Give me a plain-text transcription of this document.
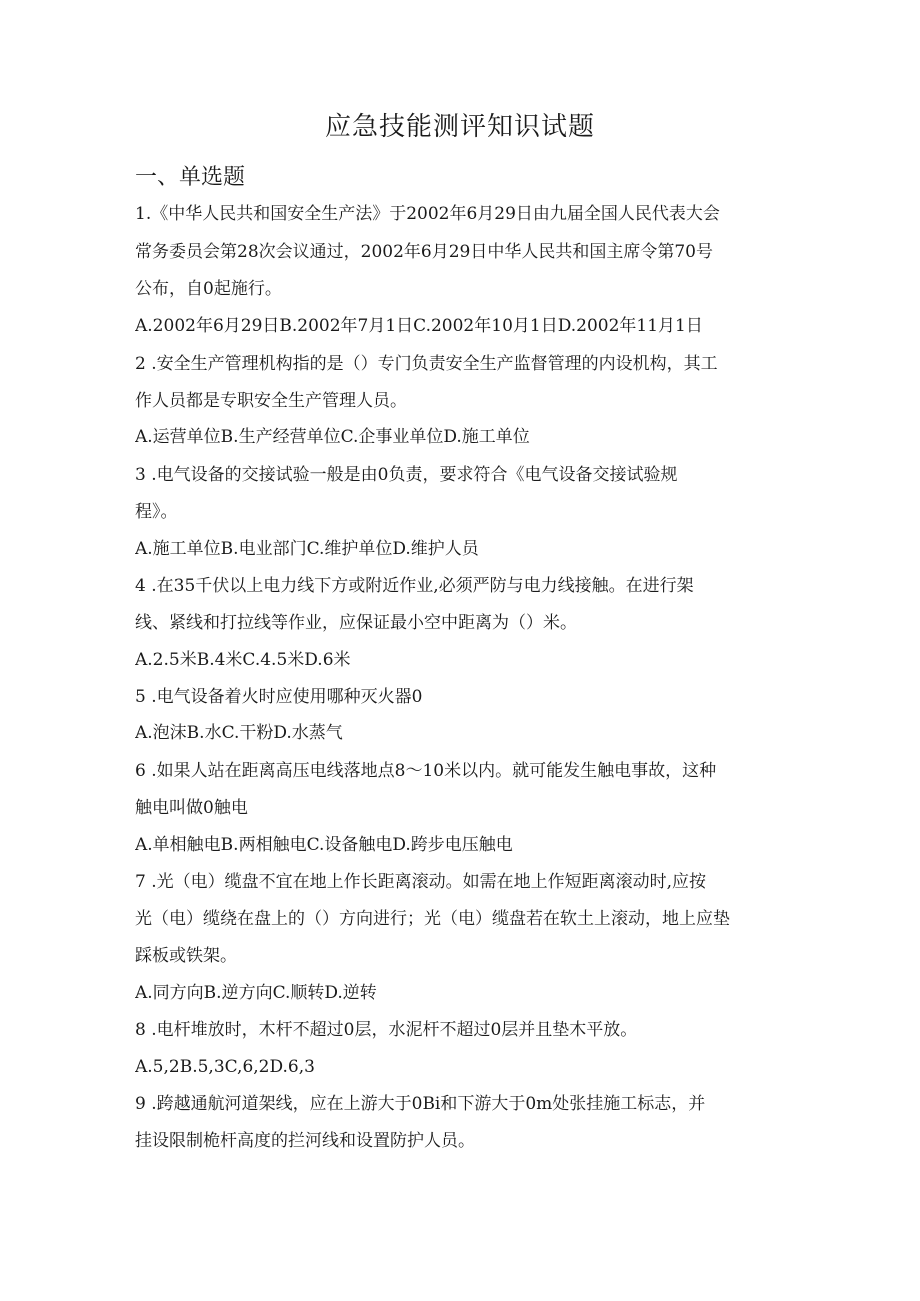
应急技能测评知识试题
一、单选题
1.《中华人民共和国安全生产法》于2002年6月29日由九届全国人民代表大会
常务委员会第28次会议通过，2002年6月29日中华人民共和国主席令第70号
公布，自0起施行。
A.2002年6月29日B.2002年7月1日C.2002年10月1日D.2002年11月1日
2 .安全生产管理机构指的是（）专门负责安全生产监督管理的内设机构，其工
作人员都是专职安全生产管理人员。
A.运营单位B.生产经营单位C.企事业单位D.施工单位
3 .电气设备的交接试验一般是由0负责，要求符合《电气设备交接试验规
程》。
A.施工单位B.电业部门C.维护单位D.维护人员
4 .在35千伏以上电力线下方或附近作业,必须严防与电力线接触。在进行架
线、紧线和打拉线等作业，应保证最小空中距离为（）米。
A.2.5米B.4米C.4.5米D.6米
5 .电气设备着火时应使用哪种灭火器0
A.泡沫B.水C.干粉D.水蒸气
6 .如果人站在距离高压电线落地点8～10米以内。就可能发生触电事故，这种
触电叫做0触电
A.单相触电B.两相触电C.设备触电D.跨步电压触电
7 .光（电）缆盘不宜在地上作长距离滚动。如需在地上作短距离滚动时,应按
光（电）缆绕在盘上的（）方向进行；光（电）缆盘若在软土上滚动，地上应垫
踩板或铁架。
A.同方向B.逆方向C.顺转D.逆转
8 .电杆堆放时，木杆不超过0层，水泥杆不超过0层并且垫木平放。
A.5,2B.5,3C,6,2D.6,3
9 .跨越通航河道架线，应在上游大于0Bi和下游大于0m处张挂施工标志，并
挂设限制桅杆高度的拦河线和设置防护人员。
